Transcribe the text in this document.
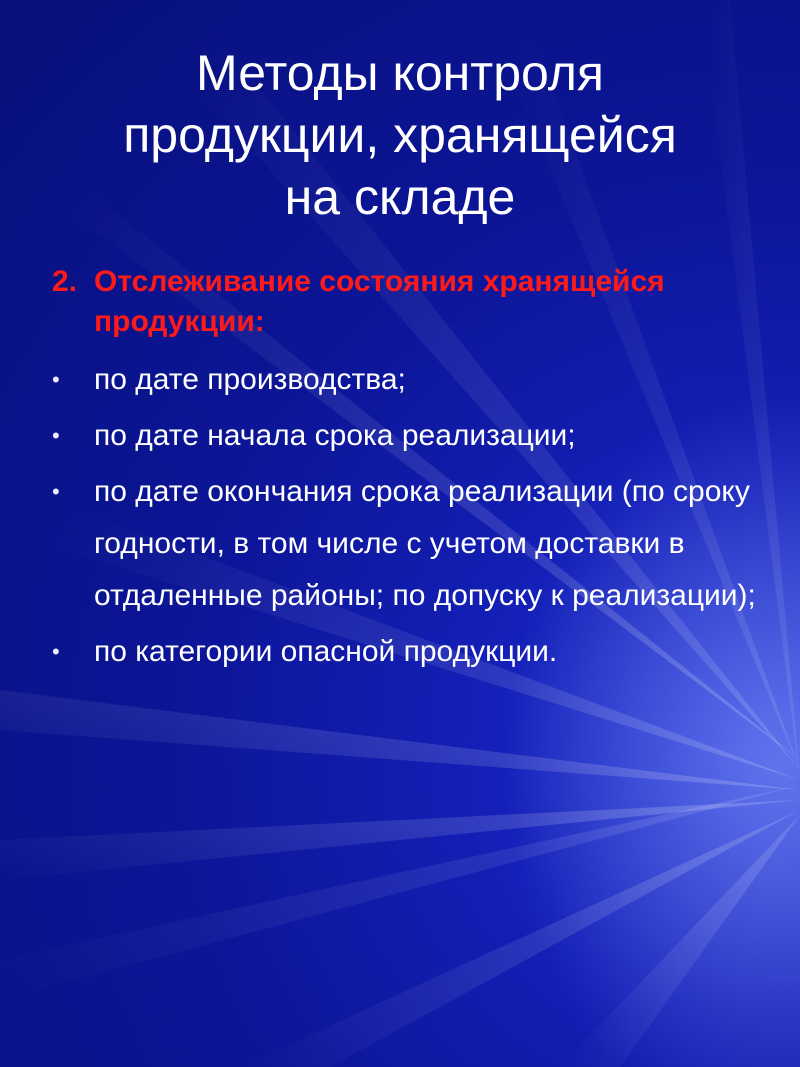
Методы контроля
продукции, хранящейся
на складе
2. Отслеживание состояния хранящейся продукции:
•	по дате производства;
•	по дате начала срока реализации;
•	по дате окончания срока реализации (по сроку годности, в том числе с учетом доставки в отдаленные районы; по допуску к реализации);
•	по категории опасной продукции.
